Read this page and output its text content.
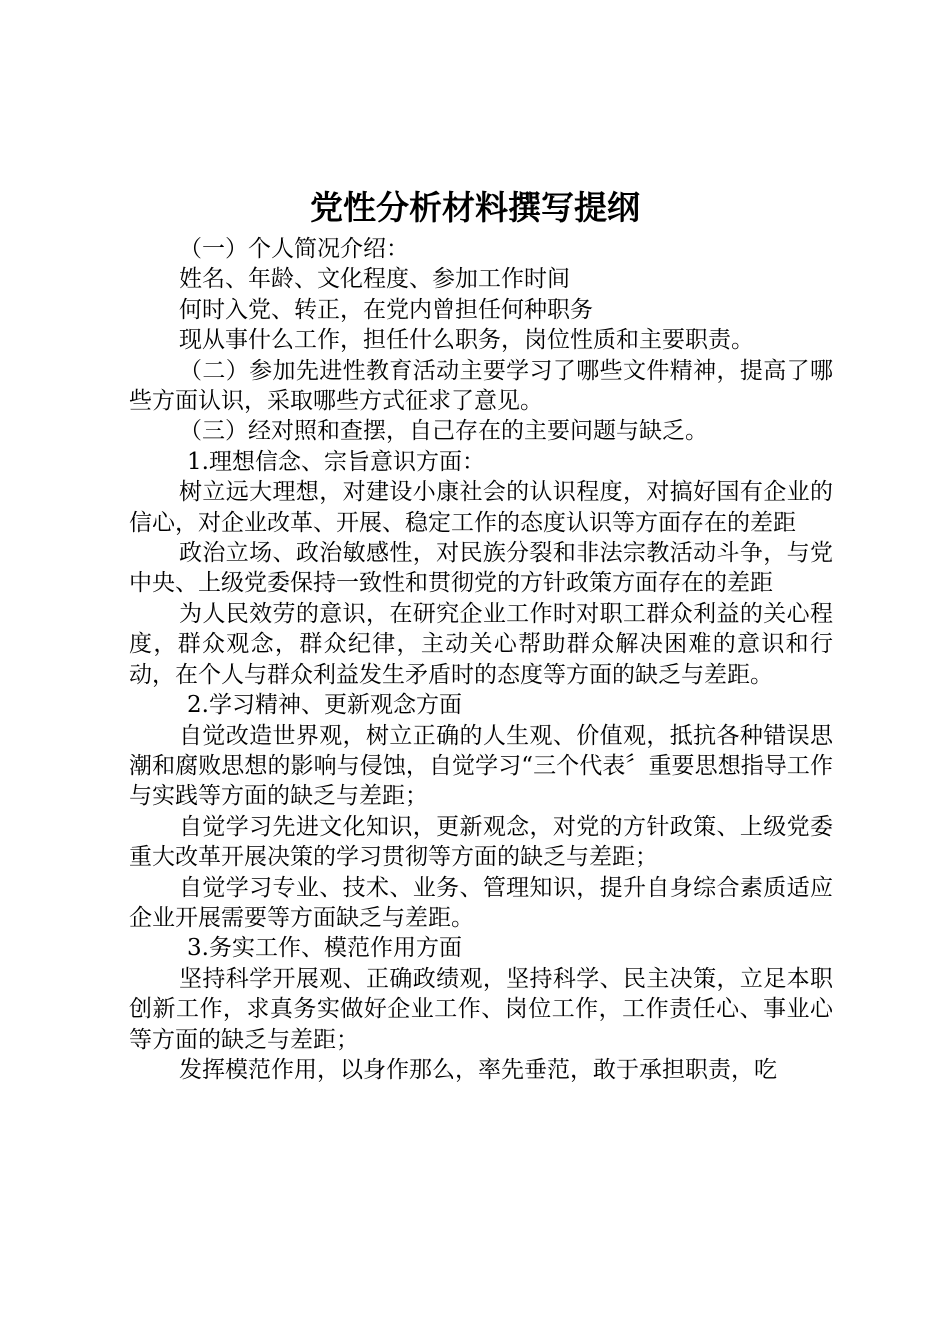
党性分析材料撰写提纲

（一）个人简况介绍：

姓名、年龄、文化程度、参加工作时间

何时入党、转正，在党内曾担任何种职务

现从事什么工作，担任什么职务，岗位性质和主要职责。

（二）参加先进性教育活动主要学习了哪些文件精神，提高了哪些方面认识，采取哪些方式征求了意见。

（三）经对照和查摆，自己存在的主要问题与缺乏。

1.理想信念、宗旨意识方面：

树立远大理想，对建设小康社会的认识程度，对搞好国有企业的信心，对企业改革、开展、稳定工作的态度认识等方面存在的差距

政治立场、政治敏感性，对民族分裂和非法宗教活动斗争，与党中央、上级党委保持一致性和贯彻党的方针政策方面存在的差距

为人民效劳的意识，在研究企业工作时对职工群众利益的关心程度，群众观念，群众纪律，主动关心帮助群众解决困难的意识和行动，在个人与群众利益发生矛盾时的态度等方面的缺乏与差距。

2.学习精神、更新观念方面

自觉改造世界观，树立正确的人生观、价值观，抵抗各种错误思潮和腐败思想的影响与侵蚀，自觉学习“三个代表〞重要思想指导工作与实践等方面的缺乏与差距；

自觉学习先进文化知识，更新观念，对党的方针政策、上级党委重大改革开展决策的学习贯彻等方面的缺乏与差距；

自觉学习专业、技术、业务、管理知识，提升自身综合素质适应企业开展需要等方面缺乏与差距。

3.务实工作、模范作用方面

坚持科学开展观、正确政绩观，坚持科学、民主决策，立足本职创新工作，求真务实做好企业工作、岗位工作，工作责任心、事业心等方面的缺乏与差距；

发挥模范作用，以身作那么，率先垂范，敢于承担职责，吃
